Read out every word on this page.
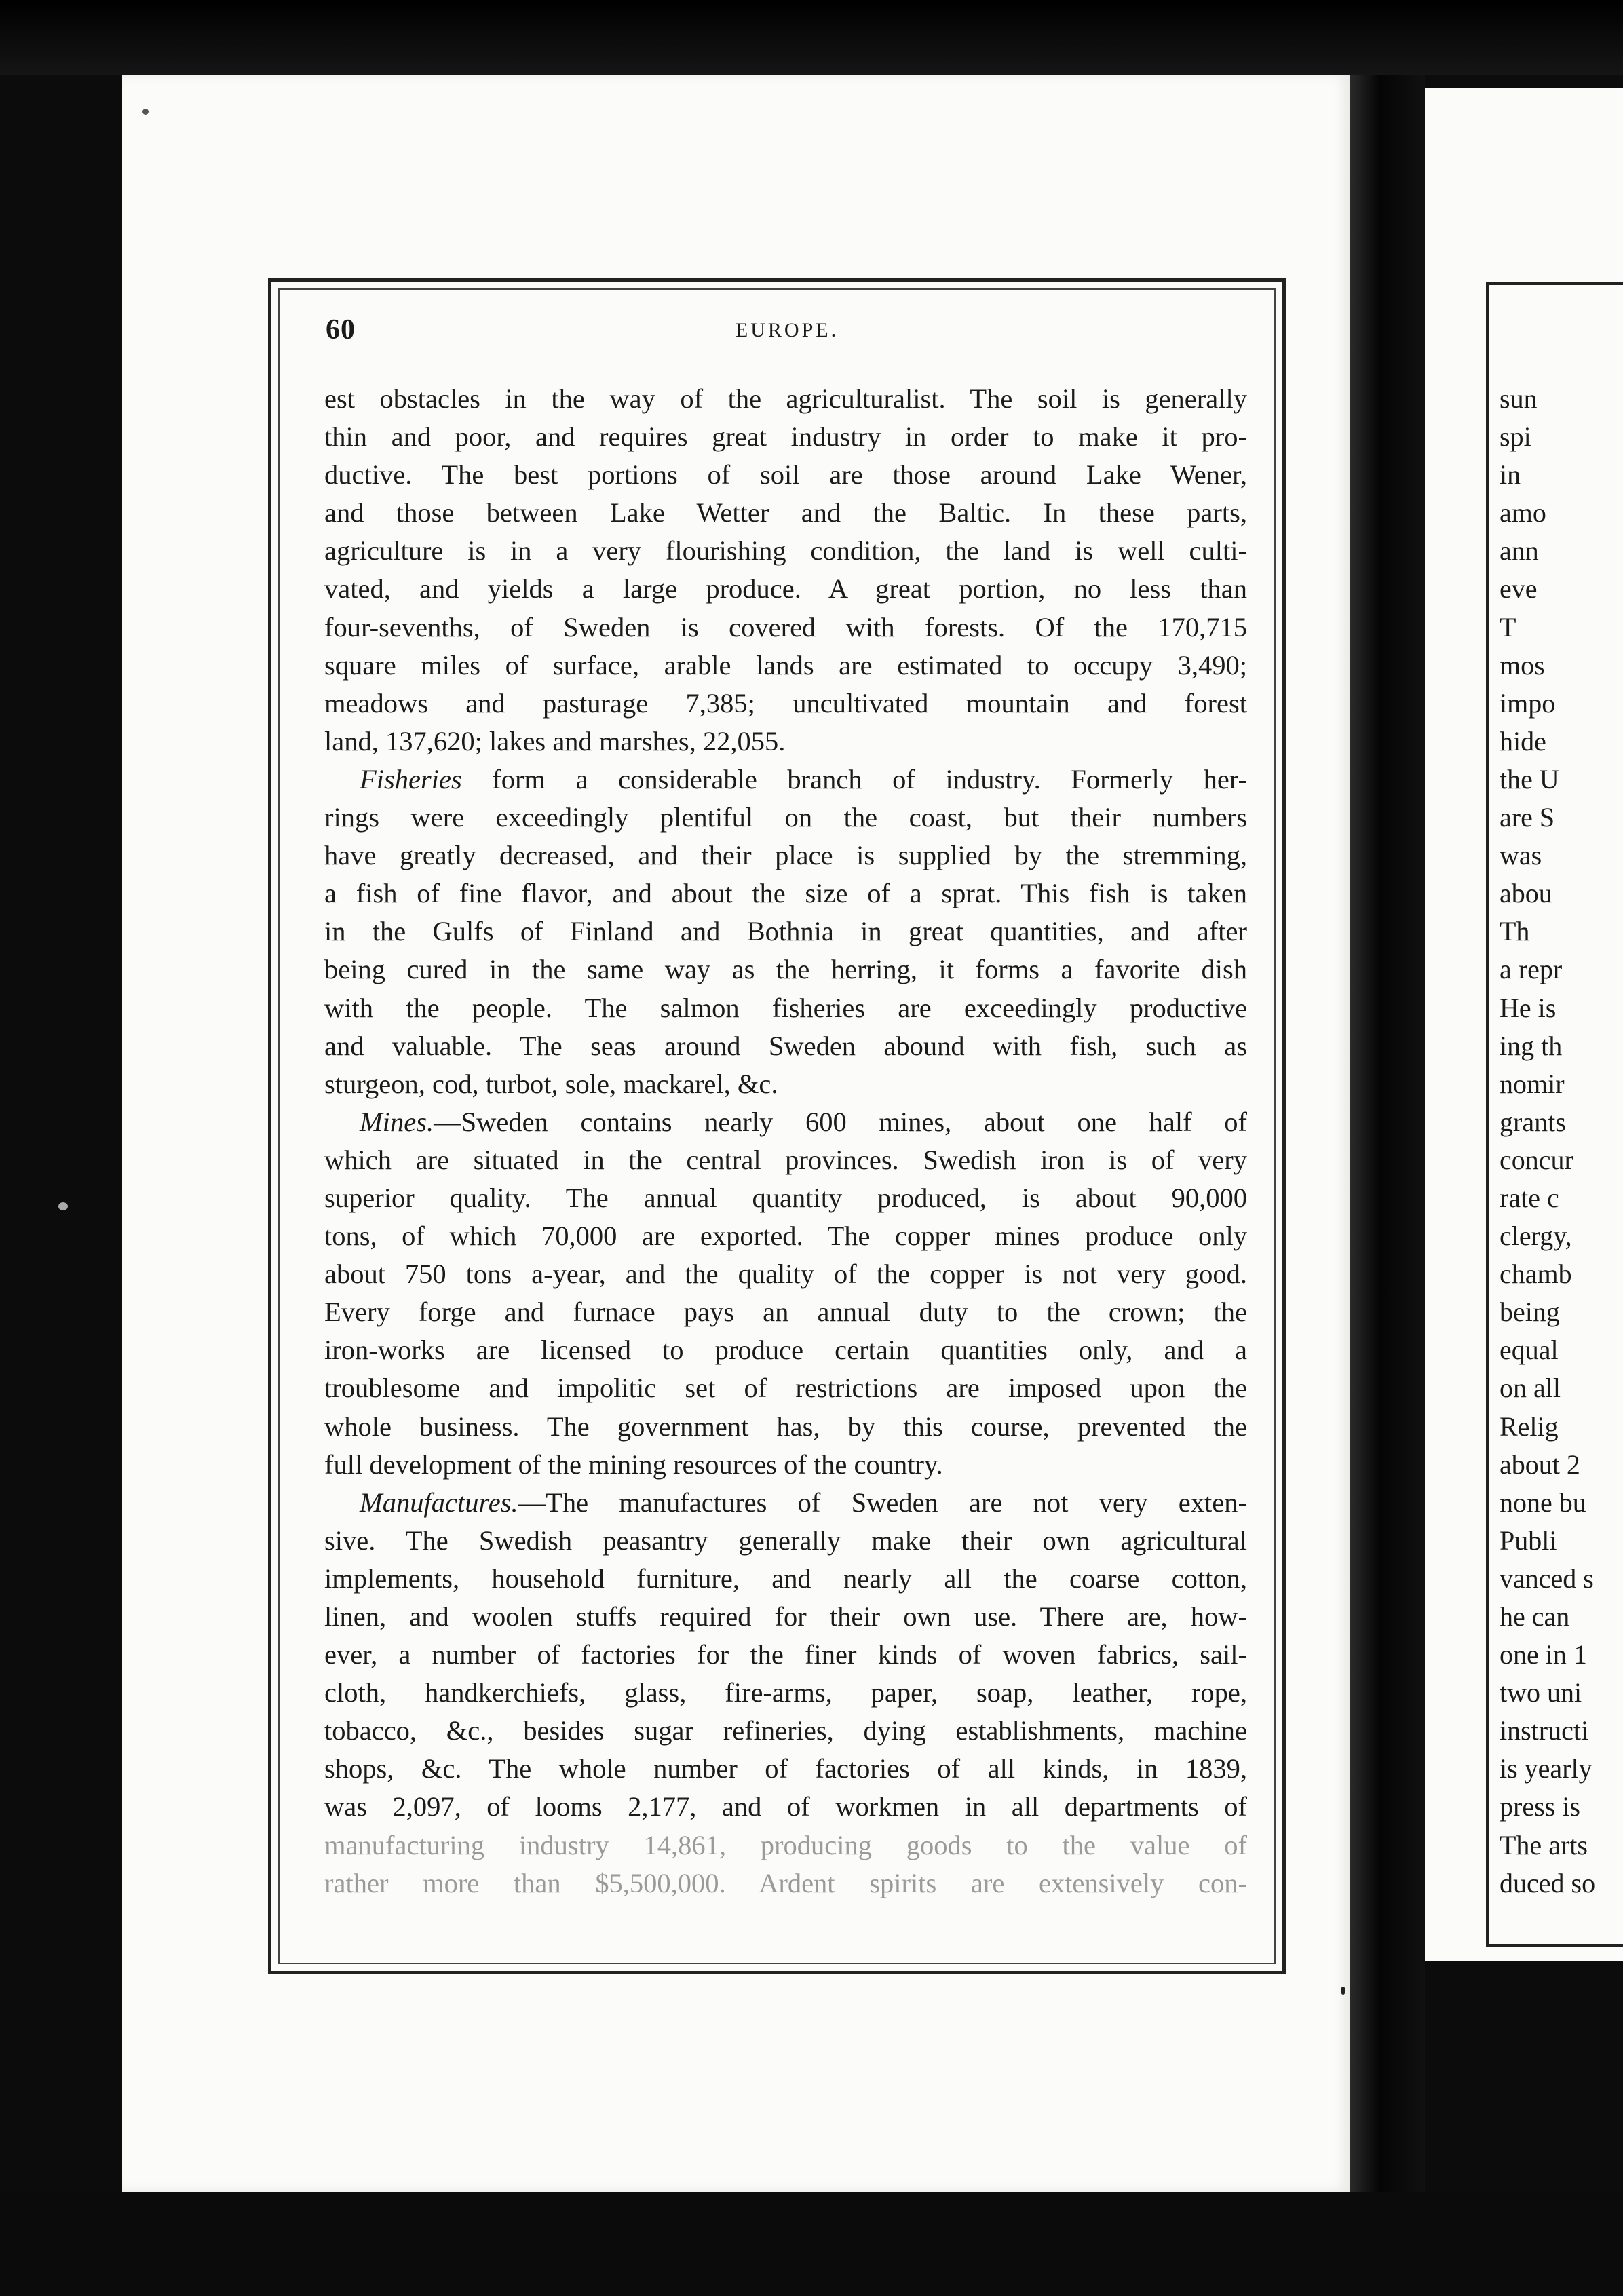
60	EUROPE.
est obstacles in the way of the agriculturalist. The soil is generally
thin and poor, and requires great industry in order to make it pro-
ductive. The best portions of soil are those around Lake Wener,
and those between Lake Wetter and the Baltic. In these parts,
agriculture is in a very flourishing condition, the land is well culti-
vated, and yields a large produce. A great portion, no less than
four-sevenths, of Sweden is covered with forests. Of the 170,715
square miles of surface, arable lands are estimated to occupy 3,490;
meadows and pasturage 7,385; uncultivated mountain and forest
land, 137,620; lakes and marshes, 22,055.
Fisheries form a considerable branch of industry. Formerly her-
rings were exceedingly plentiful on the coast, but their numbers
have greatly decreased, and their place is supplied by the stremming,
a fish of fine flavor, and about the size of a sprat. This fish is taken
in the Gulfs of Finland and Bothnia in great quantities, and after
being cured in the same way as the herring, it forms a favorite dish
with the people. The salmon fisheries are exceedingly productive
and valuable. The seas around Sweden abound with fish, such as
sturgeon, cod, turbot, sole, mackarel, &c.
Mines.—Sweden contains nearly 600 mines, about one half of
which are situated in the central provinces. Swedish iron is of very
superior quality. The annual quantity produced, is about 90,000
tons, of which 70,000 are exported. The copper mines produce only
about 750 tons a-year, and the quality of the copper is not very good.
Every forge and furnace pays an annual duty to the crown; the
iron-works are licensed to produce certain quantities only, and a
troublesome and impolitic set of restrictions are imposed upon the
whole business. The government has, by this course, prevented the
full development of the mining resources of the country.
Manufactures.—The manufactures of Sweden are not very exten-
sive. The Swedish peasantry generally make their own agricultural
implements, household furniture, and nearly all the coarse cotton,
linen, and woolen stuffs required for their own use. There are, how-
ever, a number of factories for the finer kinds of woven fabrics, sail-
cloth, handkerchiefs, glass, fire-arms, paper, soap, leather, rope,
tobacco, &c., besides sugar refineries, dying establishments, machine
shops, &c. The whole number of factories of all kinds, in 1839,
was 2,097, of looms 2,177, and of workmen in all departments of
manufacturing industry 14,861, producing goods to the value of
rather more than $5,500,000. Ardent spirits are extensively con-
sun
spi
in
amo
ann
eve
T
mos
impo
hide
the U
are S
was
abou
Th
a repr
He is
ing th
nomir
grants
concur
rate c
clergy,
chamb
being
equal
on all
Relig
about 2
none bu
Publi
vanced s
he can
one in 1
two uni
instructi
is yearly
press is
The arts
duced so
